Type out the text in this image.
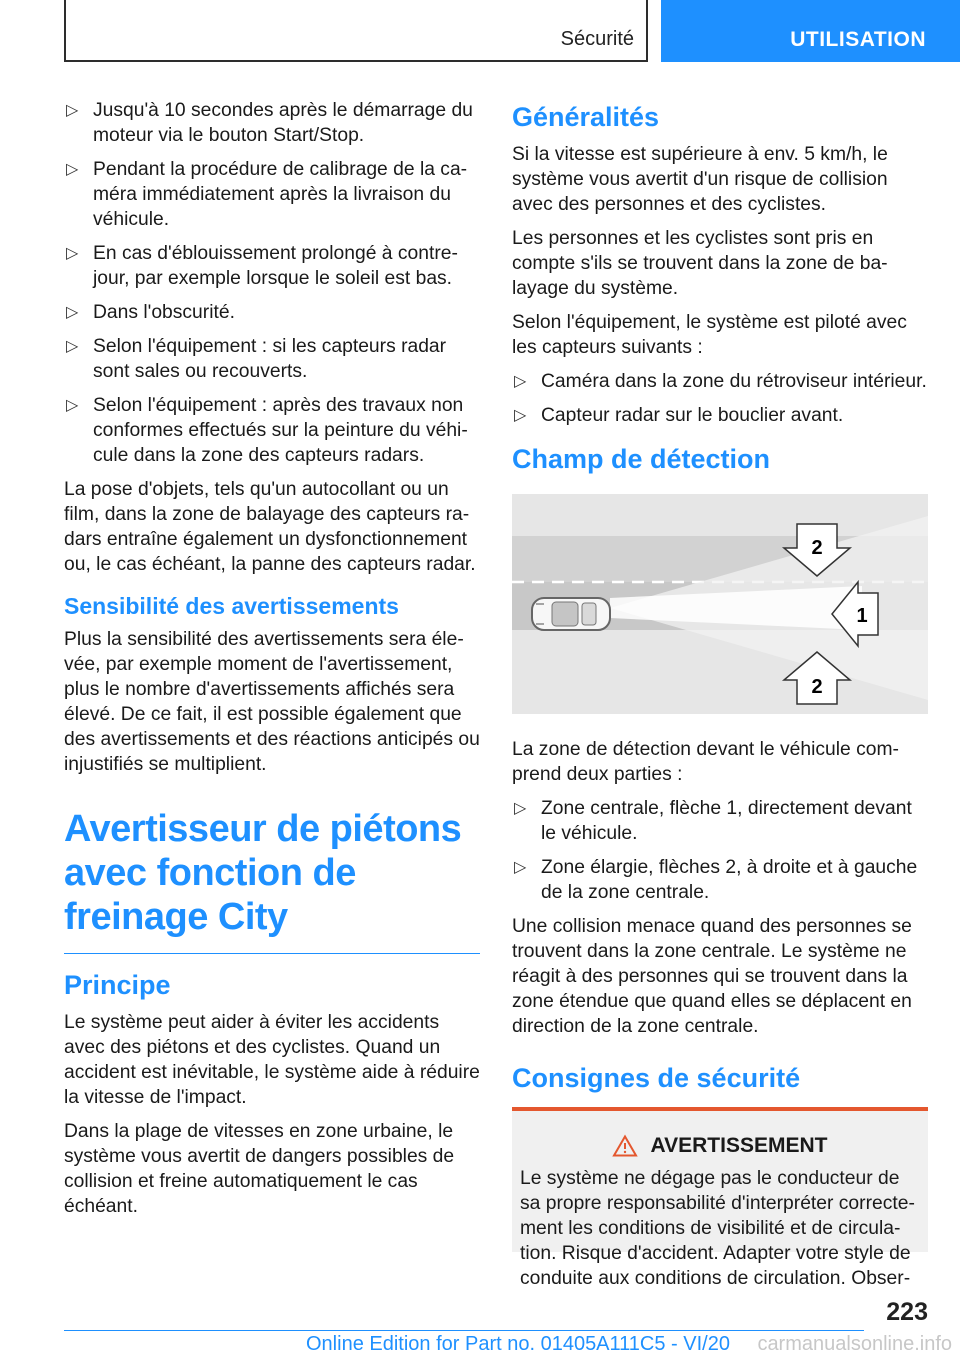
Sécurité	UTILISATION
▷ Jusqu'à 10 secondes après le démarrage du moteur via le bouton Start/Stop.
▷ Pendant la procédure de calibrage de la caméra immédiatement après la livraison du véhicule.
▷ En cas d'éblouissement prolongé à contre-jour, par exemple lorsque le soleil est bas.
▷ Dans l'obscurité.
▷ Selon l'équipement : si les capteurs radar sont sales ou recouverts.
▷ Selon l'équipement : après des travaux non conformes effectués sur la peinture du véhicule dans la zone des capteurs radars.

La pose d'objets, tels qu'un autocollant ou un film, dans la zone de balayage des capteurs radars entraîne également un dysfonctionnement ou, le cas échéant, la panne des capteurs radar.

Sensibilité des avertissements

Plus la sensibilité des avertissements sera élevée, par exemple moment de l'avertissement, plus le nombre d'avertissements affichés sera élevé. De ce fait, il est possible également que des avertissements et des réactions anticipés ou injustifiés se multiplient.

Avertisseur de piétons avec fonction de freinage City
Principe

Le système peut aider à éviter les accidents avec des piétons et des cyclistes. Quand un accident est inévitable, le système aide à réduire la vitesse de l'impact.

Dans la plage de vitesses en zone urbaine, le système vous avertit de dangers possibles de collision et freine automatiquement le cas échéant.

Généralités

Si la vitesse est supérieure à env. 5 km/h, le système vous avertit d'un risque de collision avec des personnes et des cyclistes.

Les personnes et les cyclistes sont pris en compte s'ils se trouvent dans la zone de balayage du système.

Selon l'équipement, le système est piloté avec les capteurs suivants :

▷ Caméra dans la zone du rétroviseur intérieur.
▷ Capteur radar sur le bouclier avant.
Champ de détection
2
1
2

La zone de détection devant le véhicule comprend deux parties :

▷ Zone centrale, flèche 1, directement devant le véhicule.
▷ Zone élargie, flèches 2, à droite et à gauche de la zone centrale.

Une collision menace quand des personnes se trouvent dans la zone centrale. Le système ne réagit à des personnes qui se trouvent dans la zone étendue que quand elles se déplacent en direction de la zone centrale.

Consignes de sécurité
AVERTISSEMENT
Le système ne dégage pas le conducteur de sa propre responsabilité d'interpréter correctement les conditions de visibilité et de circulation. Risque d'accident. Adapter votre style de conduite aux conditions de circulation. Obser-
223
Online Edition for Part no. 01405A111C5 - VI/20 carmanualsonline.info
